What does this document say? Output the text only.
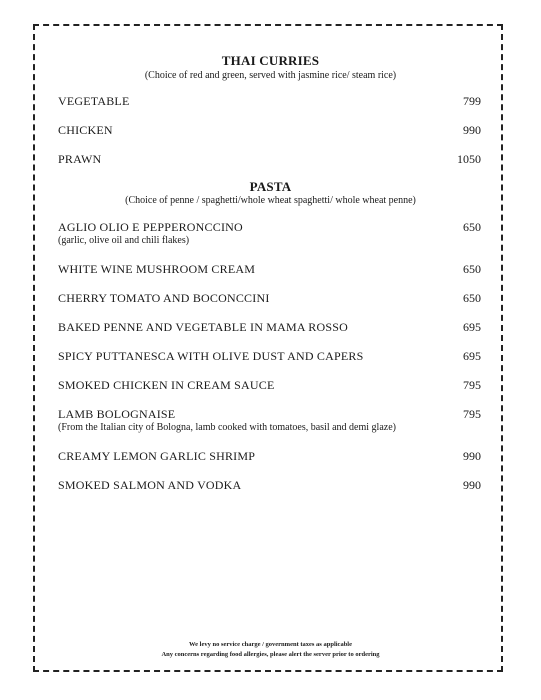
THAI CURRIES
(Choice of red and green, served with jasmine rice/ steam rice)
VEGETABLE	799
CHICKEN	990
PRAWN	1050
PASTA
(Choice of penne / spaghetti/whole wheat spaghetti/ whole wheat penne)
AGLIO OLIO E PEPPERONCCINO	650
(garlic, olive oil and chili flakes)
WHITE WINE MUSHROOM CREAM	650
CHERRY TOMATO AND BOCONCCINI	650
BAKED PENNE AND VEGETABLE IN MAMA ROSSO	695
SPICY PUTTANESCA WITH OLIVE DUST AND CAPERS	695
SMOKED CHICKEN IN CREAM SAUCE	795
LAMB BOLOGNAISE	795
(From the Italian city of Bologna, lamb cooked with tomatoes, basil and demi glaze)
CREAMY LEMON GARLIC SHRIMP	990
SMOKED SALMON AND VODKA	990
We levy no service charge / government taxes as applicable
Any concerns regarding food allergies, please alert the server prior to ordering
